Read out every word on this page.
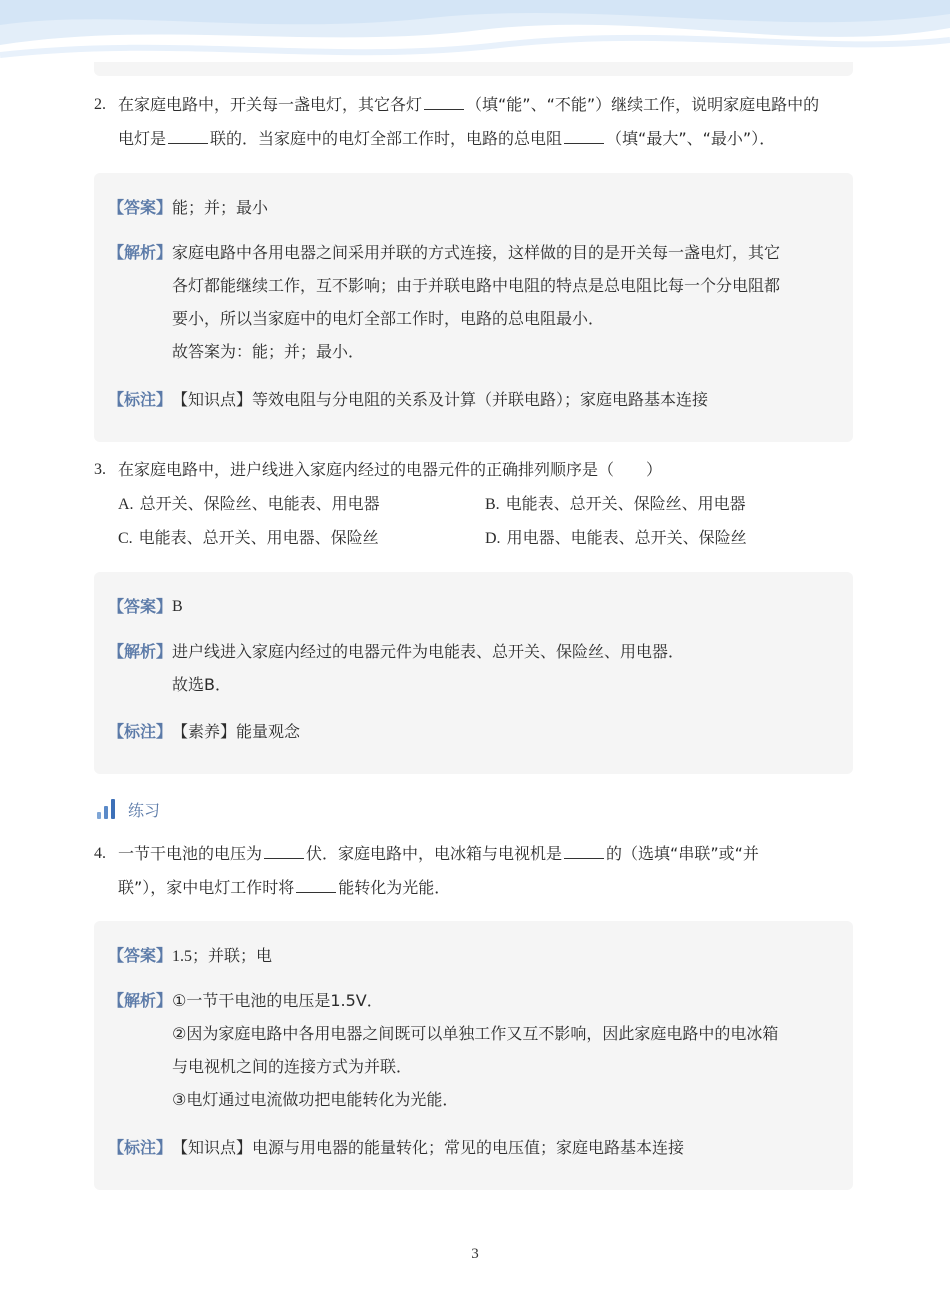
2. 在家庭电路中，开关每一盏电灯，其它各灯	（填“能”、“不能”）继续工作，说明家庭电路中的
电灯是	联的．当家庭中的电灯全部工作时，电路的总电阻	（填“最大”、“最小”）．
【答案】 能；并；最小
【解析】 家庭电路中各用电器之间采用并联的方式连接，这样做的目的是开关每一盏电灯，其它
各灯都能继续工作，互不影响；由于并联电路中电阻的特点是总电阻比每一个分电阻都
要小，所以当家庭中的电灯全部工作时，电路的总电阻最小．
故答案为：能；并；最小．
【标注】 【知识点】等效电阻与分电阻的关系及计算（并联电路）；家庭电路基本连接
3. 在家庭电路中，进户线进入家庭内经过的电器元件的正确排列顺序是（　　）
A. 总开关、保险丝、电能表、用电器	B. 电能表、总开关、保险丝、用电器
C. 电能表、总开关、用电器、保险丝	D. 用电器、电能表、总开关、保险丝
【答案】 B
【解析】 进户线进入家庭内经过的电器元件为电能表、总开关、保险丝、用电器．
故选B．
【标注】 【素养】能量观念
练习
4. 一节干电池的电压为	伏．家庭电路中，电冰箱与电视机是	的（选填“串联”或“并
联”），家中电灯工作时将	能转化为光能．
【答案】 1.5；并联；电
【解析】 ①一节干电池的电压是1.5V．
②因为家庭电路中各用电器之间既可以单独工作又互不影响，因此家庭电路中的电冰箱
与电视机之间的连接方式为并联．
③电灯通过电流做功把电能转化为光能．
【标注】 【知识点】电源与用电器的能量转化；常见的电压值；家庭电路基本连接
3
